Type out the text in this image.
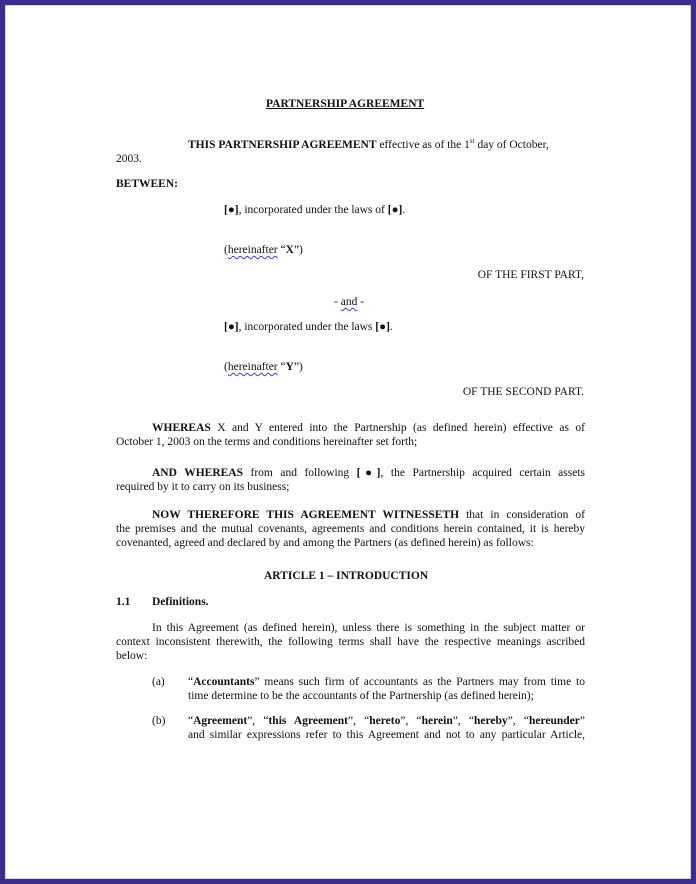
PARTNERSHIP AGREEMENT
THIS PARTNERSHIP AGREEMENT effective as of the 1st day of October,
2003.
BETWEEN:
[●], incorporated under the laws of [●].
(hereinafter “X”)
OF THE FIRST PART,
- and -
[●], incorporated under the laws [●].
(hereinafter “Y”)
OF THE SECOND PART.
WHEREAS X and Y entered into the Partnership (as defined herein) effective as of
October 1, 2003 on the terms and conditions hereinafter set forth;
AND WHEREAS from and following [●], the Partnership acquired certain assets
required by it to carry on its business;
NOW THEREFORE THIS AGREEMENT WITNESSETH that in consideration of
the premises and the mutual covenants, agreements and conditions herein contained, it is hereby
covenanted, agreed and declared by and among the Partners (as defined herein) as follows:
ARTICLE 1 – INTRODUCTION
1.1 Definitions.
In this Agreement (as defined herein), unless there is something in the subject matter or
context inconsistent therewith, the following terms shall have the respective meanings ascribed
below:
(a) “Accountants” means such firm of accountants as the Partners may from time to
time determine to be the accountants of the Partnership (as defined herein);
(b) “Agreement”, “this Agreement”, “hereto”, “herein”, “hereby”, “hereunder”
and similar expressions refer to this Agreement and not to any particular Article,
